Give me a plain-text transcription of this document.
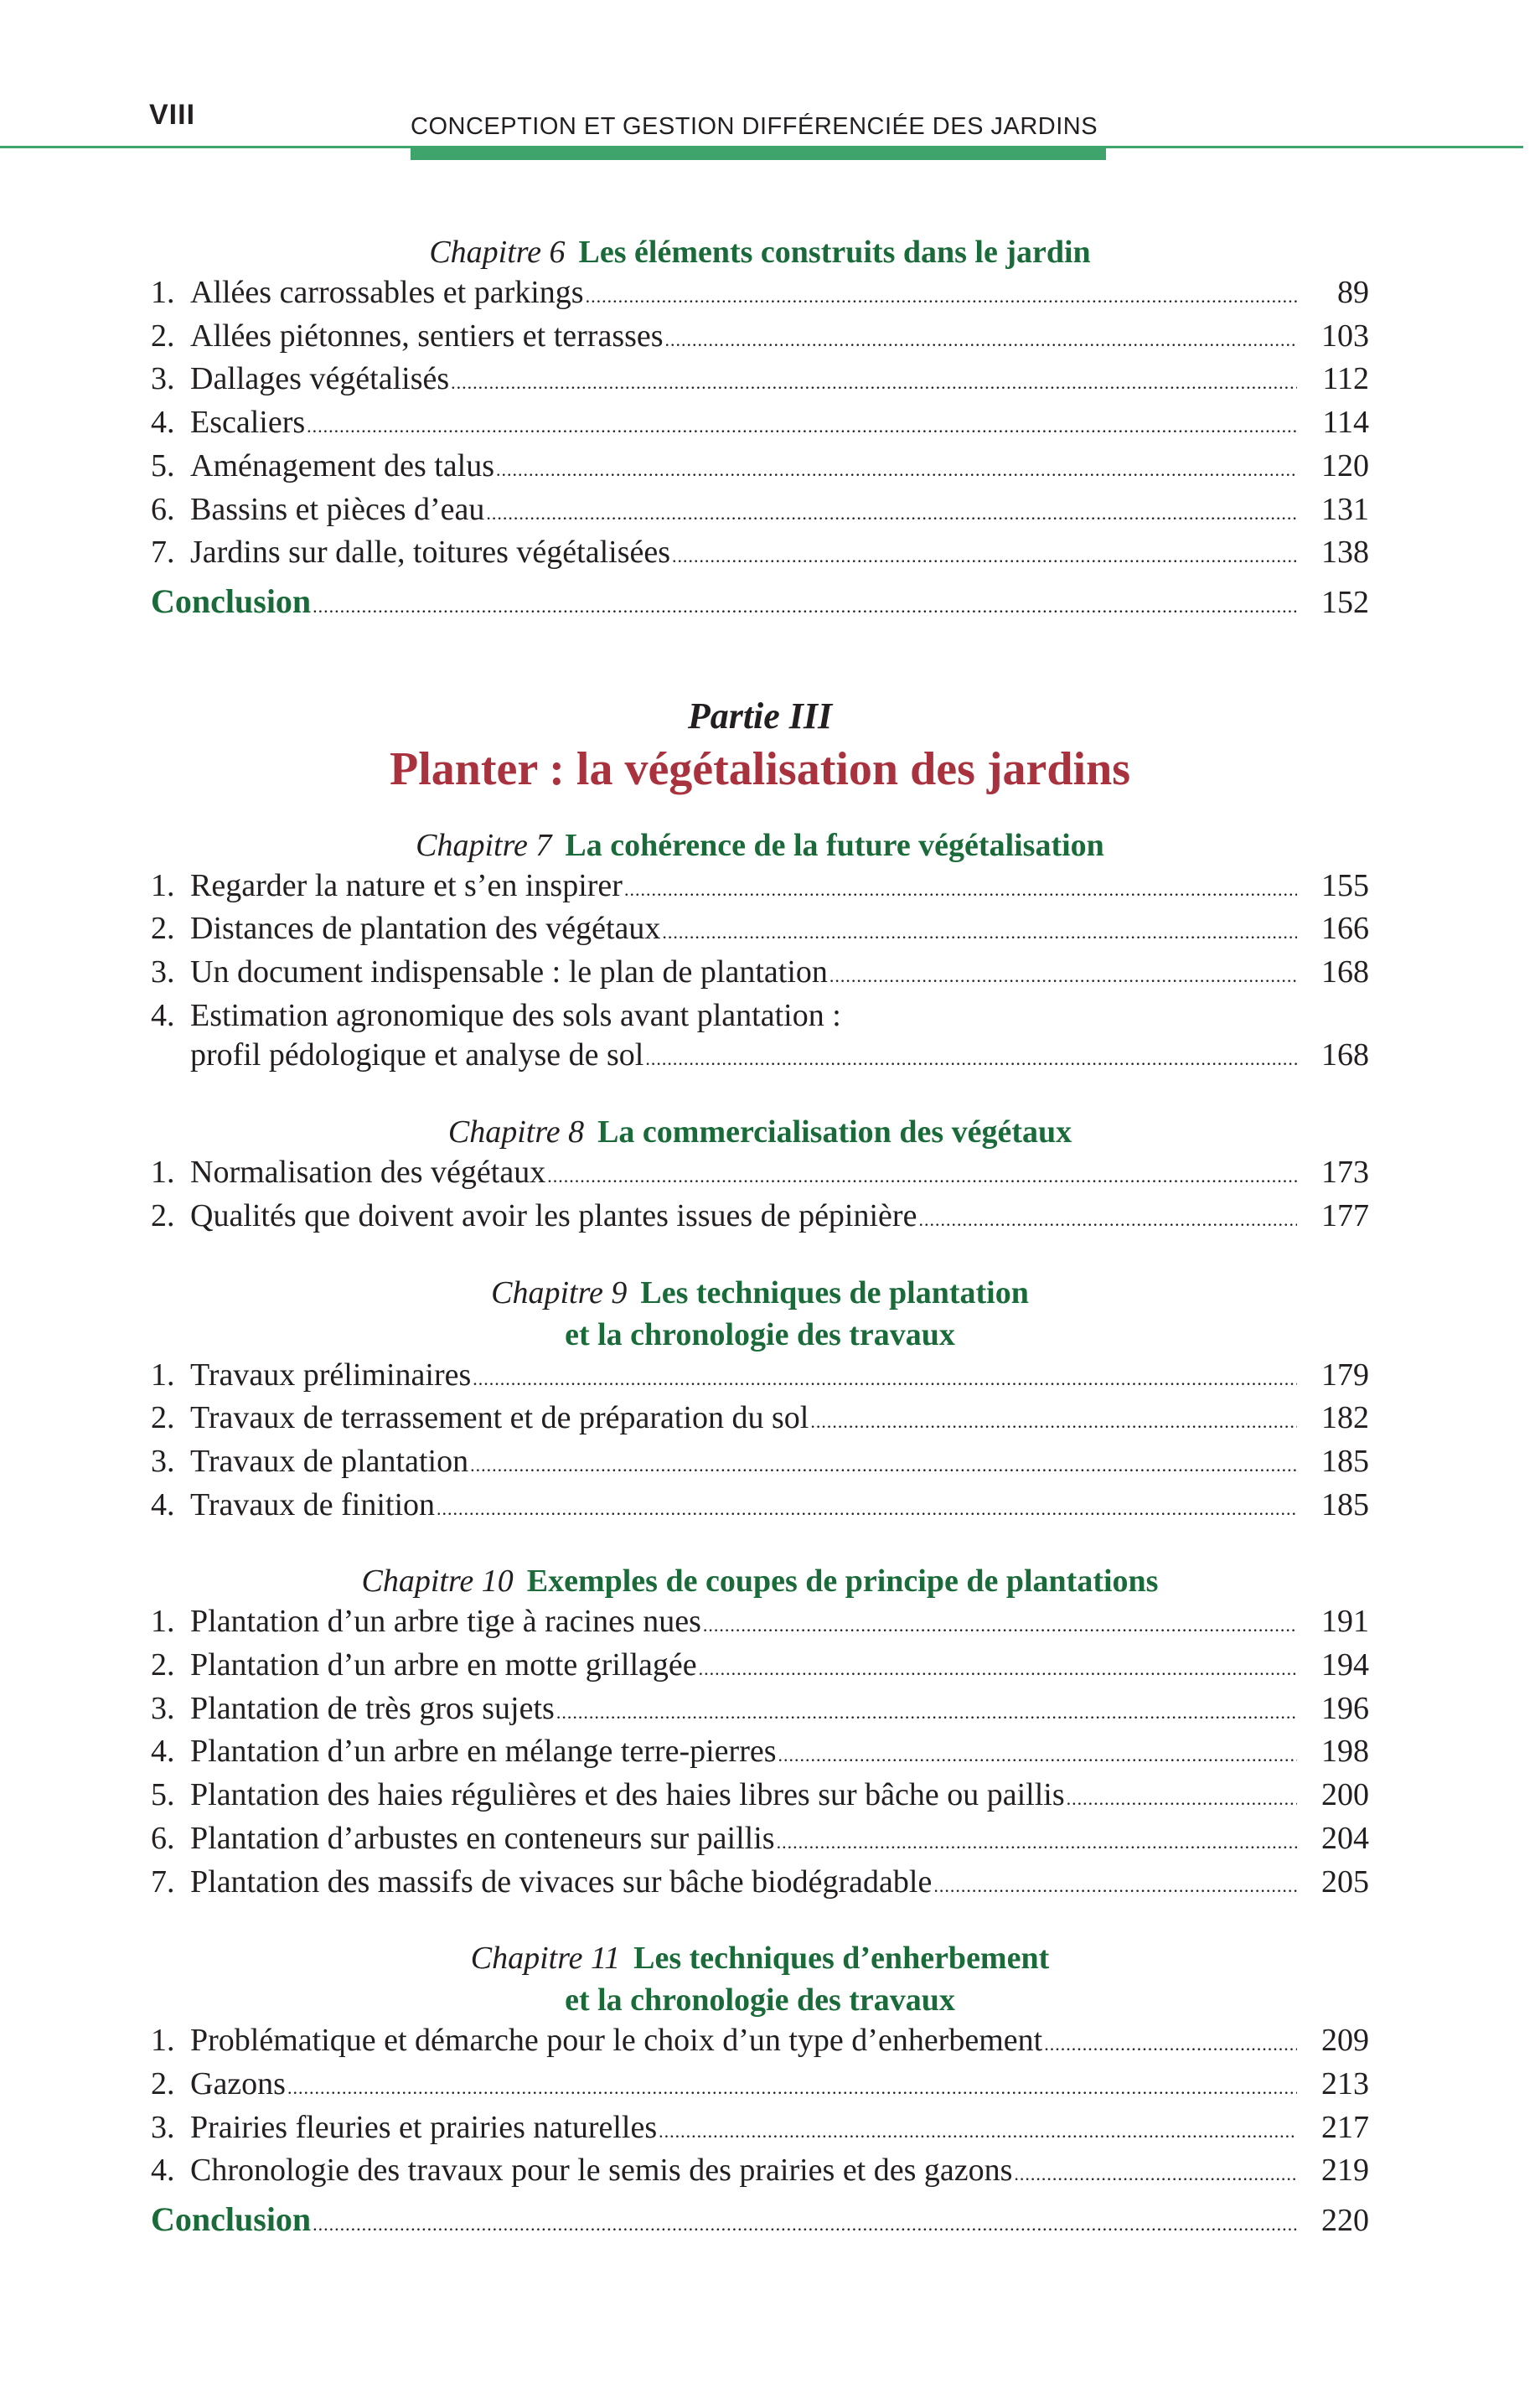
VIII	CONCEPTION ET GESTION DIFFÉRENCIÉE DES JARDINS
Chapitre 6 Les éléments construits dans le jardin
1. Allées carrossables et parkings .....	89
2. Allées piétonnes, sentiers et terrasses .....	103
3. Dallages végétalisés .....	112
4. Escaliers .....	114
5. Aménagement des talus .....	120
6. Bassins et pièces d’eau .....	131
7. Jardins sur dalle, toitures végétalisées .....	138
Conclusion .....	152
Partie III
Planter : la végétalisation des jardins
Chapitre 7 La cohérence de la future végétalisation
1. Regarder la nature et s’en inspirer .....	155
2. Distances de plantation des végétaux .....	166
3. Un document indispensable : le plan de plantation .....	168
4. Estimation agronomique des sols avant plantation :
profil pédologique et analyse de sol .....	168
Chapitre 8 La commercialisation des végétaux
1. Normalisation des végétaux .....	173
2. Qualités que doivent avoir les plantes issues de pépinière .....	177
Chapitre 9 Les techniques de plantation
et la chronologie des travaux
1. Travaux préliminaires .....	179
2. Travaux de terrassement et de préparation du sol .....	182
3. Travaux de plantation .....	185
4. Travaux de finition .....	185
Chapitre 10 Exemples de coupes de principe de plantations
1. Plantation d’un arbre tige à racines nues .....	191
2. Plantation d’un arbre en motte grillagée .....	194
3. Plantation de très gros sujets .....	196
4. Plantation d’un arbre en mélange terre-pierres .....	198
5. Plantation des haies régulières et des haies libres sur bâche ou paillis .....	200
6. Plantation d’arbustes en conteneurs sur paillis .....	204
7. Plantation des massifs de vivaces sur bâche biodégradable .....	205
Chapitre 11 Les techniques d’enherbement
et la chronologie des travaux
1. Problématique et démarche pour le choix d’un type d’enherbement .....	209
2. Gazons .....	213
3. Prairies fleuries et prairies naturelles .....	217
4. Chronologie des travaux pour le semis des prairies et des gazons .....	219
Conclusion .....	220
